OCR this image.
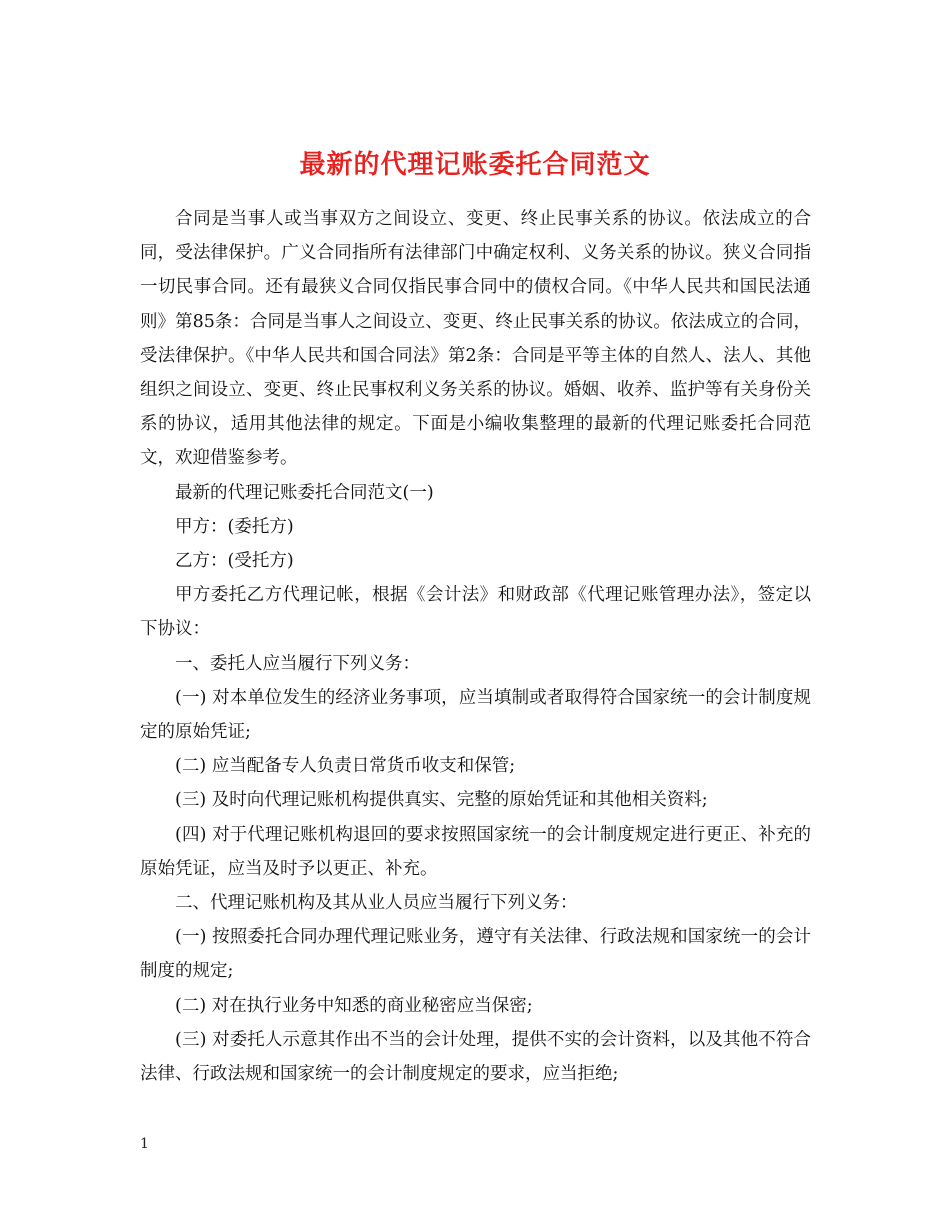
最新的代理记账委托合同范文

合同是当事人或当事双方之间设立、变更、终止民事关系的协议。依法成立的合同，受法律保护。广义合同指所有法律部门中确定权利、义务关系的协议。狭义合同指一切民事合同。还有最狭义合同仅指民事合同中的债权合同。《中华人民共和国民法通则》第85条：合同是当事人之间设立、变更、终止民事关系的协议。依法成立的合同，受法律保护。《中华人民共和国合同法》第2条：合同是平等主体的自然人、法人、其他组织之间设立、变更、终止民事权利义务关系的协议。婚姻、收养、监护等有关身份关系的协议，适用其他法律的规定。下面是小编收集整理的最新的代理记账委托合同范文，欢迎借鉴参考。

最新的代理记账委托合同范文(一)

甲方：(委托方)

乙方：(受托方)

甲方委托乙方代理记帐，根据《会计法》和财政部《代理记账管理办法》，签定以下协议：

一、委托人应当履行下列义务：

(一) 对本单位发生的经济业务事项，应当填制或者取得符合国家统一的会计制度规定的原始凭证;

(二) 应当配备专人负责日常货币收支和保管;

(三) 及时向代理记账机构提供真实、完整的原始凭证和其他相关资料;

(四) 对于代理记账机构退回的要求按照国家统一的会计制度规定进行更正、补充的原始凭证，应当及时予以更正、补充。

二、代理记账机构及其从业人员应当履行下列义务：

(一) 按照委托合同办理代理记账业务，遵守有关法律、行政法规和国家统一的会计制度的规定;

(二) 对在执行业务中知悉的商业秘密应当保密;

(三) 对委托人示意其作出不当的会计处理，提供不实的会计资料，以及其他不符合法律、行政法规和国家统一的会计制度规定的要求，应当拒绝;

1
